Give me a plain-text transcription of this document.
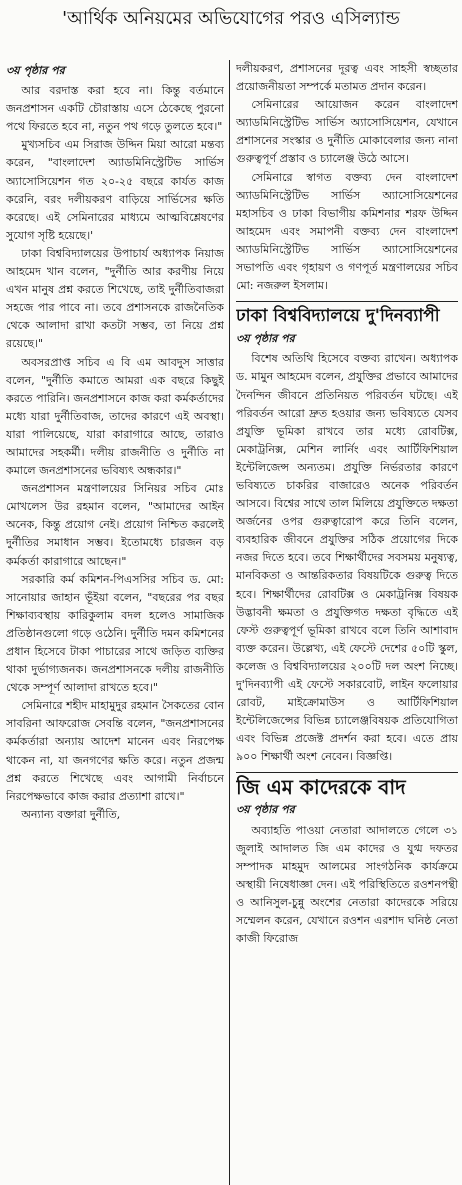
'আর্থিক অনিয়মের অভিযোগের পরও এসিল্যান্ড
৩য় পৃষ্ঠার পর

আর বরদাস্ত করা হবে না। কিন্তু বর্তমানে জনপ্রশাসন একটি চৌরাস্তায় এসে ঠেকেছে পুরনো পথে ফিরতে হবে না, নতুন পথ গড়ে তুলতে হবে।"

মুখ্যসচিব এম সিরাজ উদ্দিন মিয়া আরো মন্তব্য করেন, "বাংলাদেশ অ্যাডমিনিস্ট্রেটিভ সার্ভিস অ্যাসোসিয়েশন গত ২০-২৫ বছরে কার্যত কাজ করেনি, বরং দলীয়করণ বাড়িয়ে সার্ভিসের ক্ষতি করেছে। এই সেমিনারের মাধ্যমে আত্মবিশ্লেষণের সুযোগ সৃষ্টি হয়েছে।'

ঢাকা বিশ্ববিদ্যালয়ের উপাচার্য অধ্যাপক নিয়াজ আহমেদ খান বলেন, "দুর্নীতি আর করণীয় নিয়ে এখন মানুষ প্রশ্ন করতে শিখেছে, তাই দুর্নীতিবাজরা সহজে পার পাবে না। তবে প্রশাসনকে রাজনৈতিক থেকে আলাদা রাখা কতটা সম্ভব, তা নিয়ে প্রশ্ন রয়েছে।"

অবসরপ্রাপ্ত সচিব এ বি এম আবদুস সাত্তার বলেন, "দুর্নীতি কমাতে আমরা এক বছরে কিছুই করতে পারিনি। জনপ্রশাসনে কাজ করা কর্মকর্তাদের মধ্যে যারা দুর্নীতিবাজ, তাদের কারণে এই অবস্থা। যারা পালিয়েছে, যারা কারাগারে আছে, তারাও আমাদের সহকর্মী। দলীয় রাজনীতি ও দুর্নীতি না কমালে জনপ্রশাসনের ভবিষ্যৎ অন্ধকার।"

জনপ্রশাসন মন্ত্রণালয়ের সিনিয়র সচিব মোঃ মোখলেস উর রহমান বলেন, "আমাদের আইন অনেক, কিন্তু প্রয়োগ নেই। প্রয়োগ নিশ্চিত করলেই দুর্নীতির সমাধান সম্ভব। ইতোমধ্যে চারজন বড় কর্মকর্তা কারাগারে আছেন।"

সরকারি কর্ম কমিশন-পিএসসির সচিব ড. মো: সানোয়ার জাহান ভূঁইয়া বলেন, "বছরের পর বছর শিক্ষাব্যবস্থায় কারিকুলাম বদল হলেও সামাজিক প্রতিষ্ঠানগুলো গড়ে ওঠেনি। দুর্নীতি দমন কমিশনের প্রধান হিসেবে টাকা পাচারের সাথে জড়িত ব্যক্তির থাকা দুর্ভাগ্যজনক। জনপ্রশাসনকে দলীয় রাজনীতি থেকে সম্পূর্ণ আলাদা রাখতে হবে।"

সেমিনারে শহীদ মাহামুদুর রহমান সৈকতের বোন সাবরিনা আফরোজ সেবন্তি বলেন, "জনপ্রশাসনের কর্মকর্তারা অন্যায় আদেশ মানেন এবং নিরপেক্ষ থাকেন না, যা জনগণের ক্ষতি করে। নতুন প্রজন্ম প্রশ্ন করতে শিখেছে এবং আগামী নির্বাচনে নিরপেক্ষভাবে কাজ করার প্রত্যাশা রাখে।"

অন্যান্য বক্তারা দুর্নীতি,

দলীয়করণ, প্রশাসনের দূরত্ব এবং সাহসী স্বচ্ছতার প্রয়োজনীয়তা সম্পর্কে মতামত প্রদান করেন।

সেমিনারের আয়োজন করেন বাংলাদেশ অ্যাডমিনিস্ট্রেটিভ সার্ভিস অ্যাসোসিয়েশন, যেখানে প্রশাসনের সংস্কার ও দুর্নীতি মোকাবেলার জন্য নানা গুরুত্বপূর্ণ প্রস্তাব ও চ্যালেঞ্জ উঠে আসে।

সেমিনারে স্বাগত বক্তব্য দেন বাংলাদেশ অ্যাডমিনিস্ট্রেটিভ সার্ভিস অ্যাসোসিয়েশনের মহাসচিব ও ঢাকা বিভাগীয় কমিশনার শরফ উদ্দিন আহমেদ এবং সমাপনী বক্তব্য দেন বাংলাদেশ অ্যাডমিনিস্ট্রেটিভ সার্ভিস অ্যাসোসিয়েশনের সভাপতি এবং গৃহায়ণ ও গণপূর্ত মন্ত্রণালয়ের সচিব মো: নজরুল ইসলাম।

ঢাকা বিশ্ববিদ্যালয়ে দু'দিনব্যাপী
৩য় পৃষ্ঠার পর

বিশেষ অতিথি হিসেবে বক্তব্য রাখেন। অধ্যাপক ড. মামুন আহমেদ বলেন, প্রযুক্তির প্রভাবে আমাদের দৈনন্দিন জীবনে প্রতিনিয়ত পরিবর্তন ঘটছে। এই পরিবর্তন আরো দ্রুত হওয়ার জন্য ভবিষ্যতে যেসব প্রযুক্তি ভূমিকা রাখবে তার মধ্যে রোবটিক্স, মেকাট্রনিক্স, মেশিন লার্নিং এবং আর্টিফিশিয়াল ইন্টেলিজেন্স অন্যতম। প্রযুক্তি নির্ভরতার কারণে ভবিষ্যতে চাকরির বাজারেও অনেক পরিবর্তন আসবে। বিশ্বের সাথে তাল মিলিয়ে প্রযুক্তিতে দক্ষতা অর্জনের ওপর গুরুত্বারোপ করে তিনি বলেন, ব্যবহারিক জীবনে প্রযুক্তির সঠিক প্রয়োগের দিকে নজর দিতে হবে। তবে শিক্ষার্থীদের সবসময় মনুষ্যত্ব, মানবিকতা ও আন্তরিকতার বিষয়টিকে গুরুত্ব দিতে হবে। শিক্ষার্থীদের রোবটিক্স ও মেকাট্রনিক্স বিষয়ক উদ্ভাবনী ক্ষমতা ও প্রযুক্তিগত দক্ষতা বৃদ্ধিতে এই ফেস্ট গুরুত্বপূর্ণ ভূমিকা রাখবে বলে তিনি আশাবাদ ব্যক্ত করেন। উল্লেখ্য, এই ফেস্টে দেশের ৫০টি স্কুল, কলেজ ও বিশ্ববিদ্যালয়ের ২০০টি দল অংশ নিচ্ছে। দু'দিনব্যাপী এই ফেস্টে সকারবোট, লাইন ফলোয়ার রোবট, মাইক্রোমাউস ও আর্টিফিশিয়াল ইন্টেলিজেন্সের বিভিন্ন চ্যালেঞ্জবিষয়ক প্রতিযোগিতা এবং বিভিন্ন প্রজেক্ট প্রদর্শন করা হবে। এতে প্রায় ৯০০ শিক্ষার্থী অংশ নেবেন। বিজ্ঞপ্তি।

জি এম কাদেরকে বাদ
৩য় পৃষ্ঠার পর

অব্যাহতি পাওয়া নেতারা আদালতে গেলে ৩১ জুলাই আদালত জি এম কাদের ও যুগ্ম দফতর সম্পাদক মাহমুদ আলমের সাংগঠনিক কার্যক্রমে অস্থায়ী নিষেধাজ্ঞা দেন। এই পরিস্থিতিতে রওশনপন্থী ও আনিসুল-চুন্নু অংশের নেতারা কাদেরকে সরিয়ে সম্মেলন করেন, যেখানে রওশন এরশাদ ঘনিষ্ঠ নেতা কাজী ফিরোজ
